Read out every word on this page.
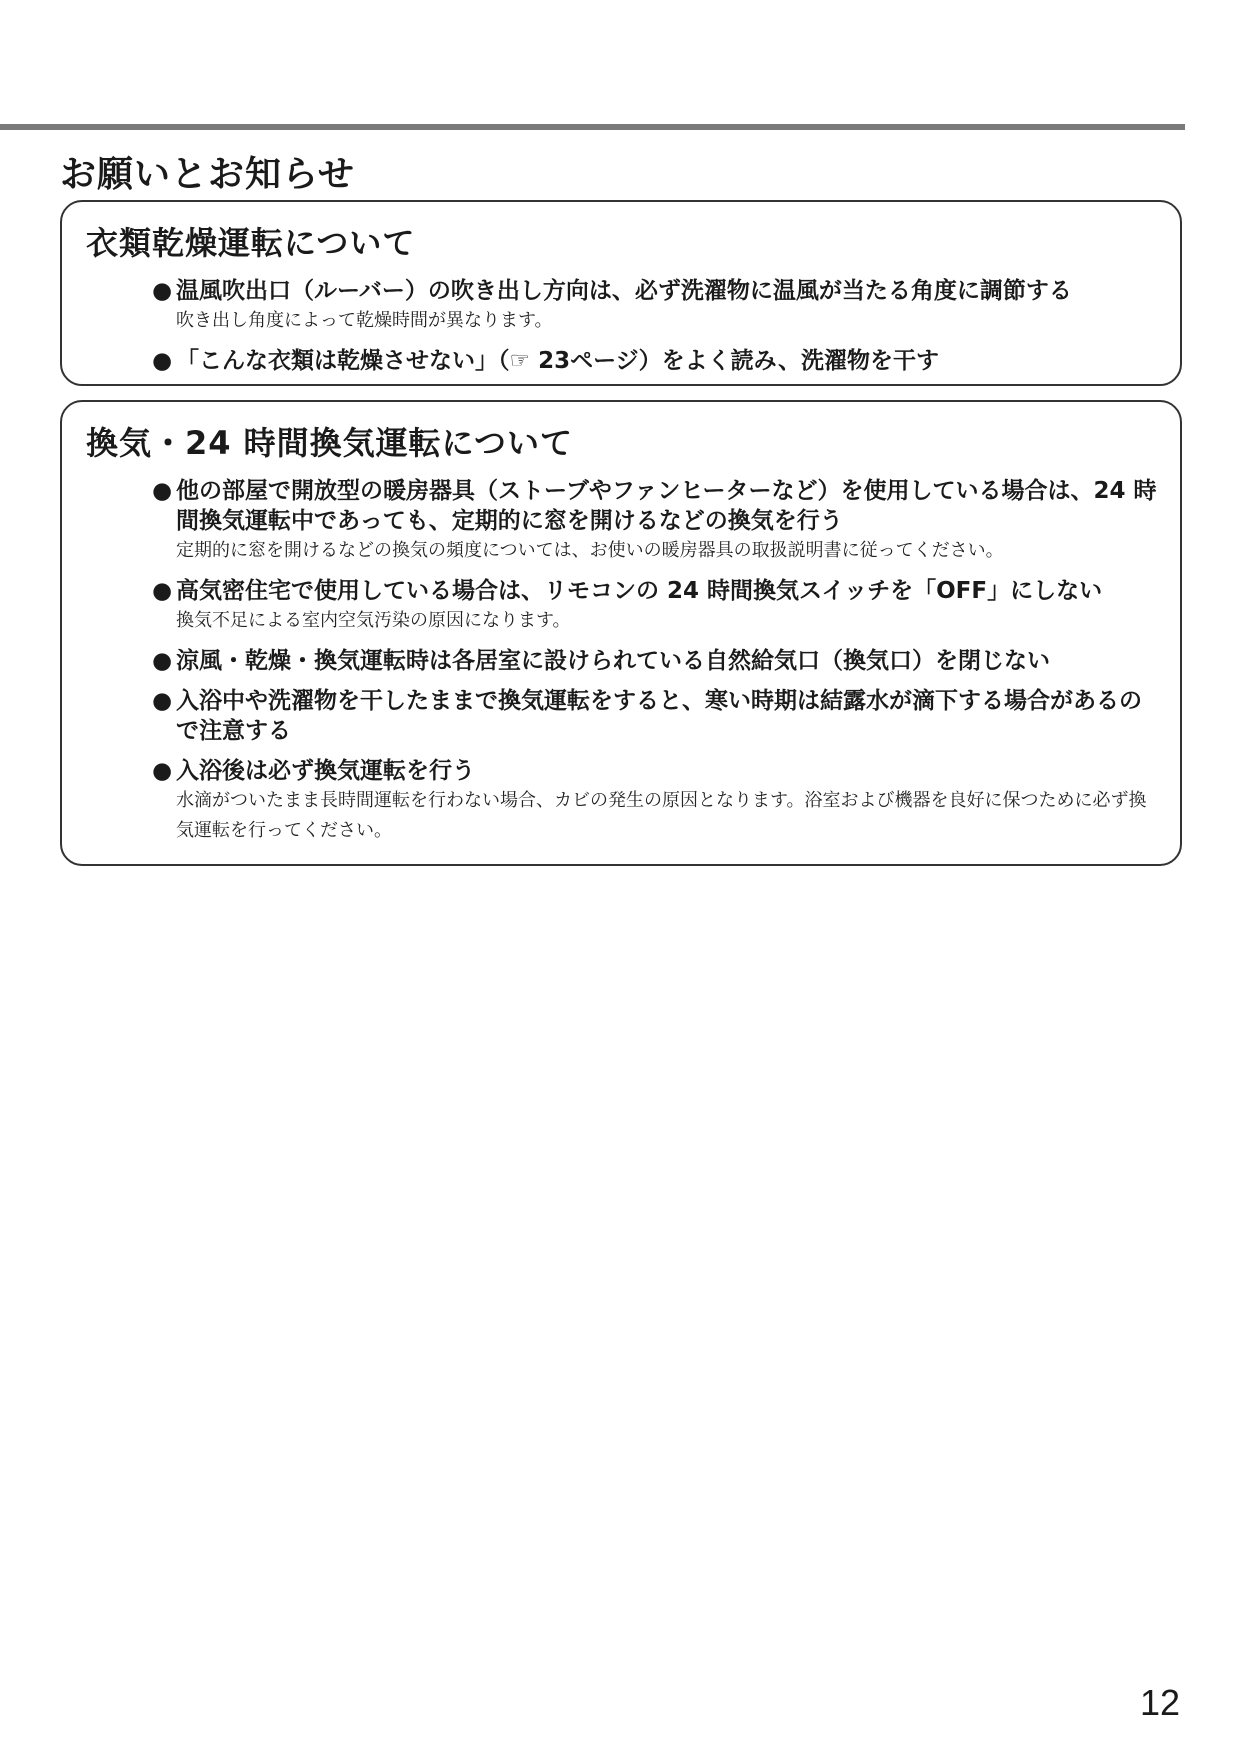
お願いとお知らせ
衣類乾燥運転について
● 温風吹出口（ルーバー）の吹き出し方向は、必ず洗濯物に温風が当たる角度に調節する
吹き出し角度によって乾燥時間が異なります。
● 「こんな衣類は乾燥させない」（☞ 23ページ）をよく読み、洗濯物を干す
換気・24 時間換気運転について
● 他の部屋で開放型の暖房器具（ストーブやファンヒーターなど）を使用している場合は、24 時間換気運転中であっても、定期的に窓を開けるなどの換気を行う
定期的に窓を開けるなどの換気の頻度については、お使いの暖房器具の取扱説明書に従ってください。
● 高気密住宅で使用している場合は、リモコンの 24 時間換気スイッチを「OFF」にしない
換気不足による室内空気汚染の原因になります。
● 涼風・乾燥・換気運転時は各居室に設けられている自然給気口（換気口）を閉じない
● 入浴中や洗濯物を干したままで換気運転をすると、寒い時期は結露水が滴下する場合があるので注意する
● 入浴後は必ず換気運転を行う
水滴がついたまま長時間運転を行わない場合、カビの発生の原因となります。浴室および機器を良好に保つために必ず換気運転を行ってください。
12
